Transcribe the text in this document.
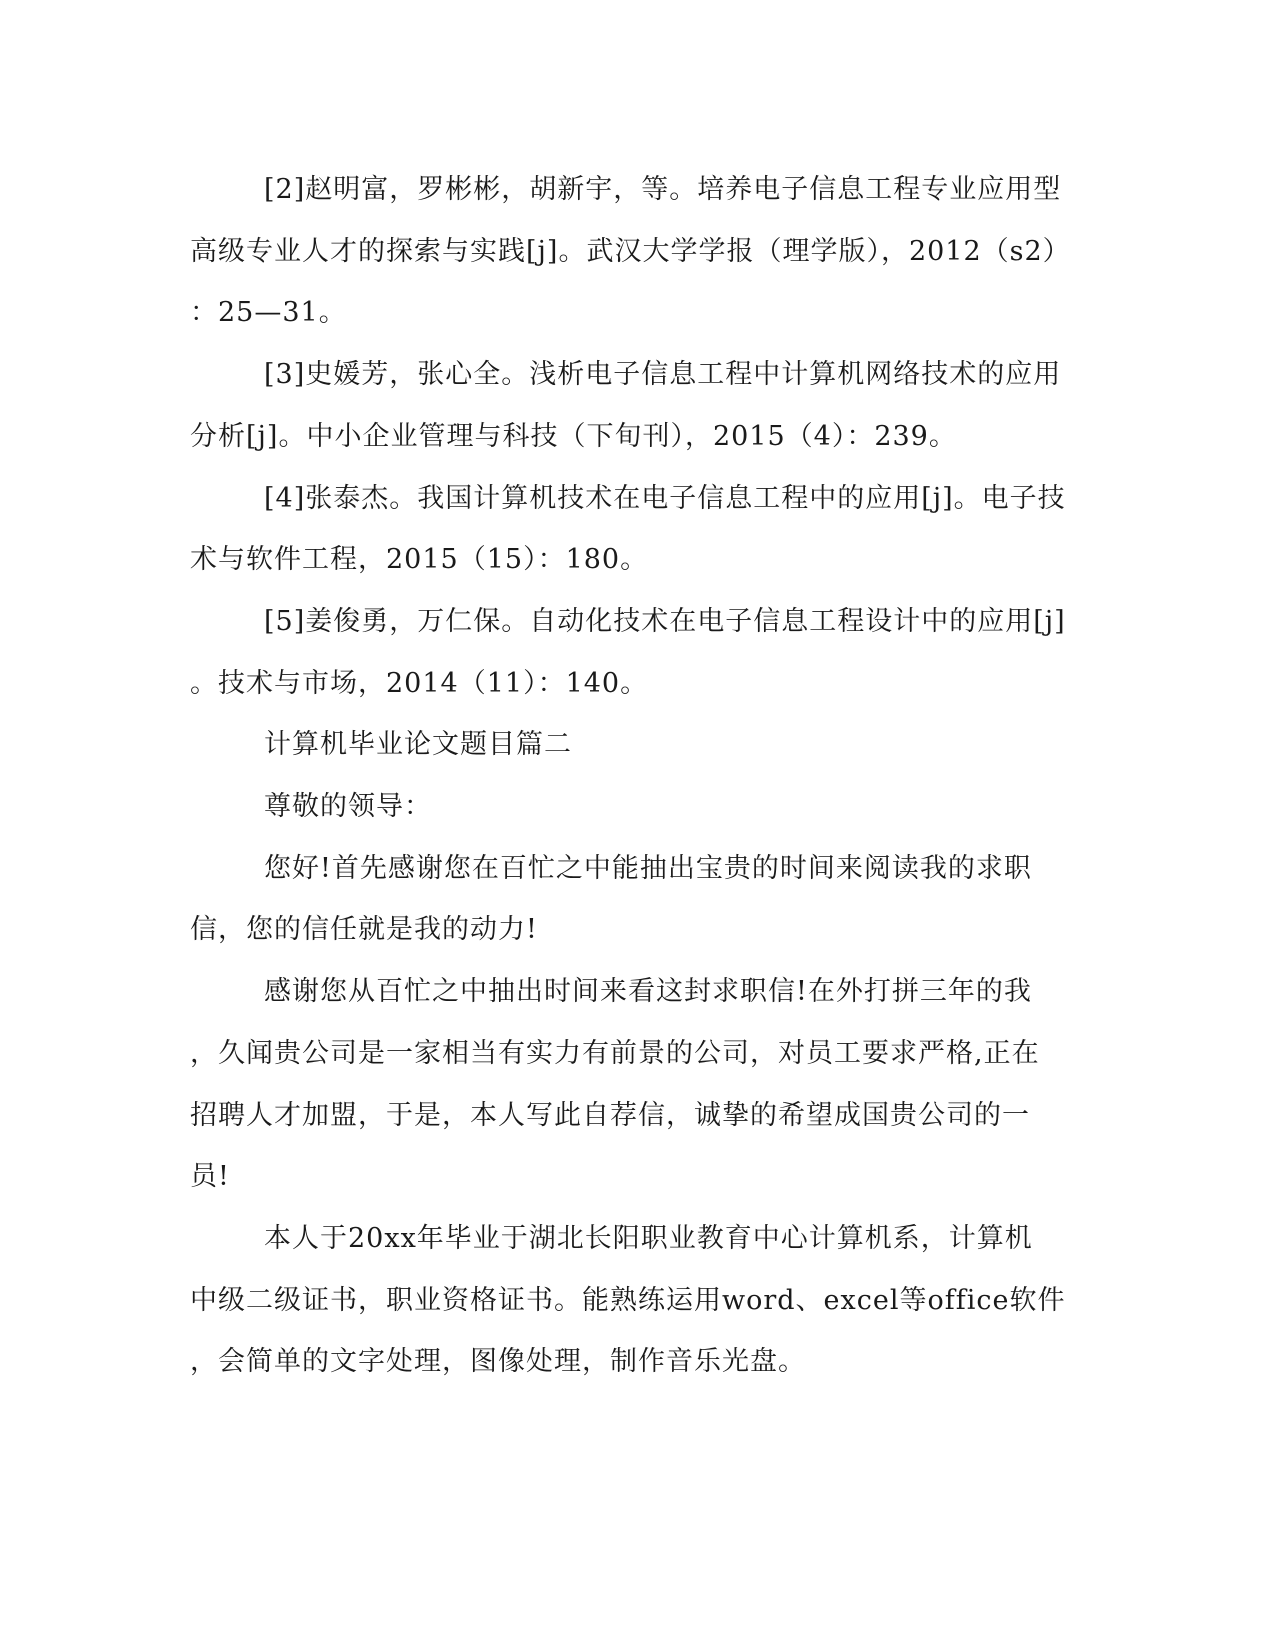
[2]赵明富，罗彬彬，胡新宇，等。培养电子信息工程专业应用型
高级专业人才的探索与实践[j]。武汉大学学报（理学版），2012（s2）
：25—31。
[3]史媛芳，张心全。浅析电子信息工程中计算机网络技术的应用
分析[j]。中小企业管理与科技（下旬刊），2015（4）：239。
[4]张泰杰。我国计算机技术在电子信息工程中的应用[j]。电子技
术与软件工程，2015（15）：180。
[5]姜俊勇，万仁保。自动化技术在电子信息工程设计中的应用[j]
。技术与市场，2014（11）：140。
计算机毕业论文题目篇二
尊敬的领导：
您好!首先感谢您在百忙之中能抽出宝贵的时间来阅读我的求职
信，您的信任就是我的动力!
感谢您从百忙之中抽出时间来看这封求职信!在外打拼三年的我
，久闻贵公司是一家相当有实力有前景的公司，对员工要求严格,正在
招聘人才加盟，于是，本人写此自荐信，诚挚的希望成国贵公司的一
员!
本人于20xx年毕业于湖北长阳职业教育中心计算机系，计算机
中级二级证书，职业资格证书。能熟练运用word、excel等office软件
，会简单的文字处理，图像处理，制作音乐光盘。
